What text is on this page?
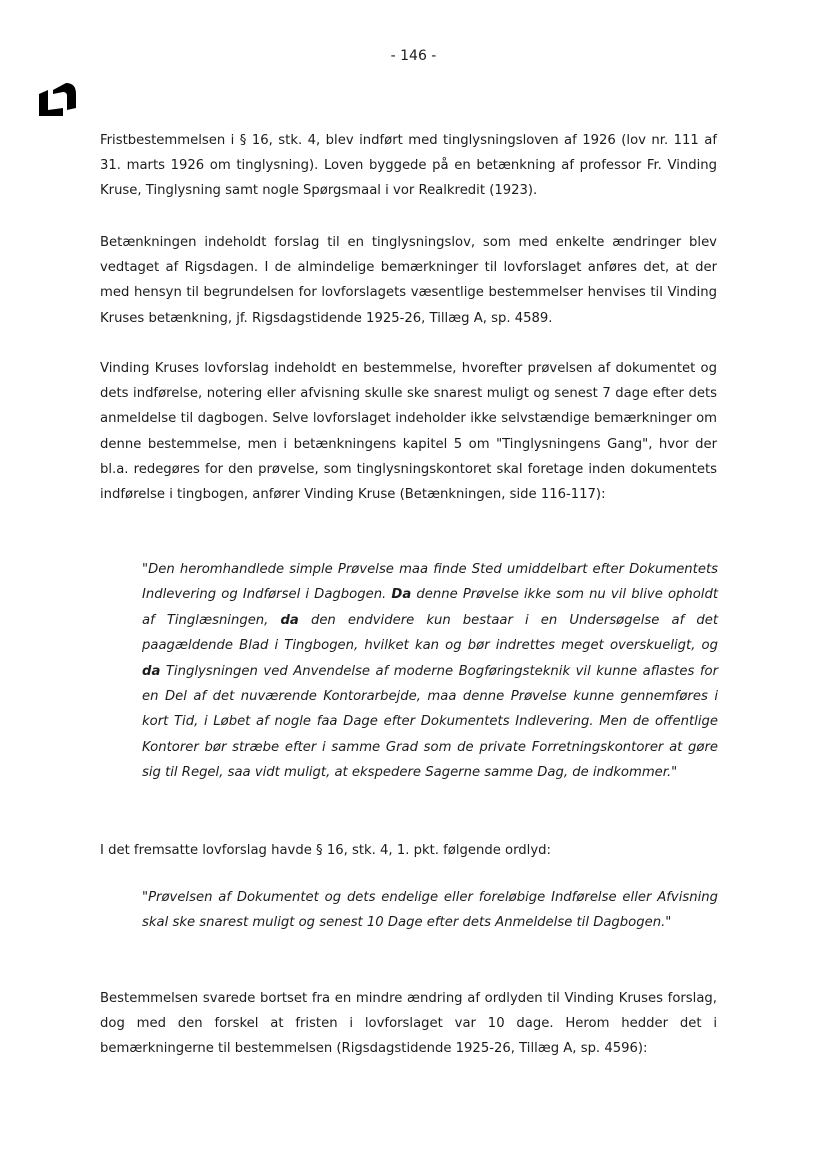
- 146 -

Fristbestemmelsen i § 16, stk. 4, blev indført med tinglysningsloven af 1926 (lov nr. 111 af 31. marts 1926 om tinglysning). Loven byggede på en betænkning af professor Fr. Vinding Kruse, Tinglysning samt nogle Spørgsmaal i vor Realkredit (1923).

Betænkningen indeholdt forslag til en tinglysningslov, som med enkelte ændringer blev vedtaget af Rigsdagen. I de almindelige bemærkninger til lovforslaget anføres det, at der med hensyn til begrundelsen for lovforslagets væsentlige bestemmelser henvises til Vinding Kruses betænkning, jf. Rigsdagstidende 1925-26, Tillæg A, sp. 4589.

Vinding Kruses lovforslag indeholdt en bestemmelse, hvorefter prøvelsen af dokumentet og dets indførelse, notering eller afvisning skulle ske snarest muligt og senest 7 dage efter dets anmeldelse til dagbogen. Selve lovforslaget indeholder ikke selvstændige bemærkninger om denne bestemmelse, men i betænkningens kapitel 5 om "Tinglysningens Gang", hvor der bl.a. redegøres for den prøvelse, som tinglysningskontoret skal foretage inden dokumentets indførelse i tingbogen, anfører Vinding Kruse (Betænkningen, side 116-117):

"Den heromhandlede simple Prøvelse maa finde Sted umiddelbart efter Dokumentets Indlevering og Indførsel i Dagbogen. Da denne Prøvelse ikke som nu vil blive opholdt af Tinglæsningen, da den endvidere kun bestaar i en Undersøgelse af det paagældende Blad i Tingbogen, hvilket kan og bør indrettes meget overskueligt, og da Tinglysningen ved Anvendelse af moderne Bogføringsteknik vil kunne aflastes for en Del af det nuværende Kontorarbejde, maa denne Prøvelse kunne gennemføres i kort Tid, i Løbet af nogle faa Dage efter Dokumentets Indlevering. Men de offentlige Kontorer bør stræbe efter i samme Grad som de private Forretningskontorer at gøre sig til Regel, saa vidt muligt, at ekspedere Sagerne samme Dag, de indkommer."

I det fremsatte lovforslag havde § 16, stk. 4, 1. pkt. følgende ordlyd:

"Prøvelsen af Dokumentet og dets endelige eller foreløbige Indførelse eller Afvisning skal ske snarest muligt og senest 10 Dage efter dets Anmeldelse til Dagbogen."

Bestemmelsen svarede bortset fra en mindre ændring af ordlyden til Vinding Kruses forslag, dog med den forskel at fristen i lovforslaget var 10 dage. Herom hedder det i bemærkningerne til bestemmelsen (Rigsdagstidende 1925-26, Tillæg A, sp. 4596):
